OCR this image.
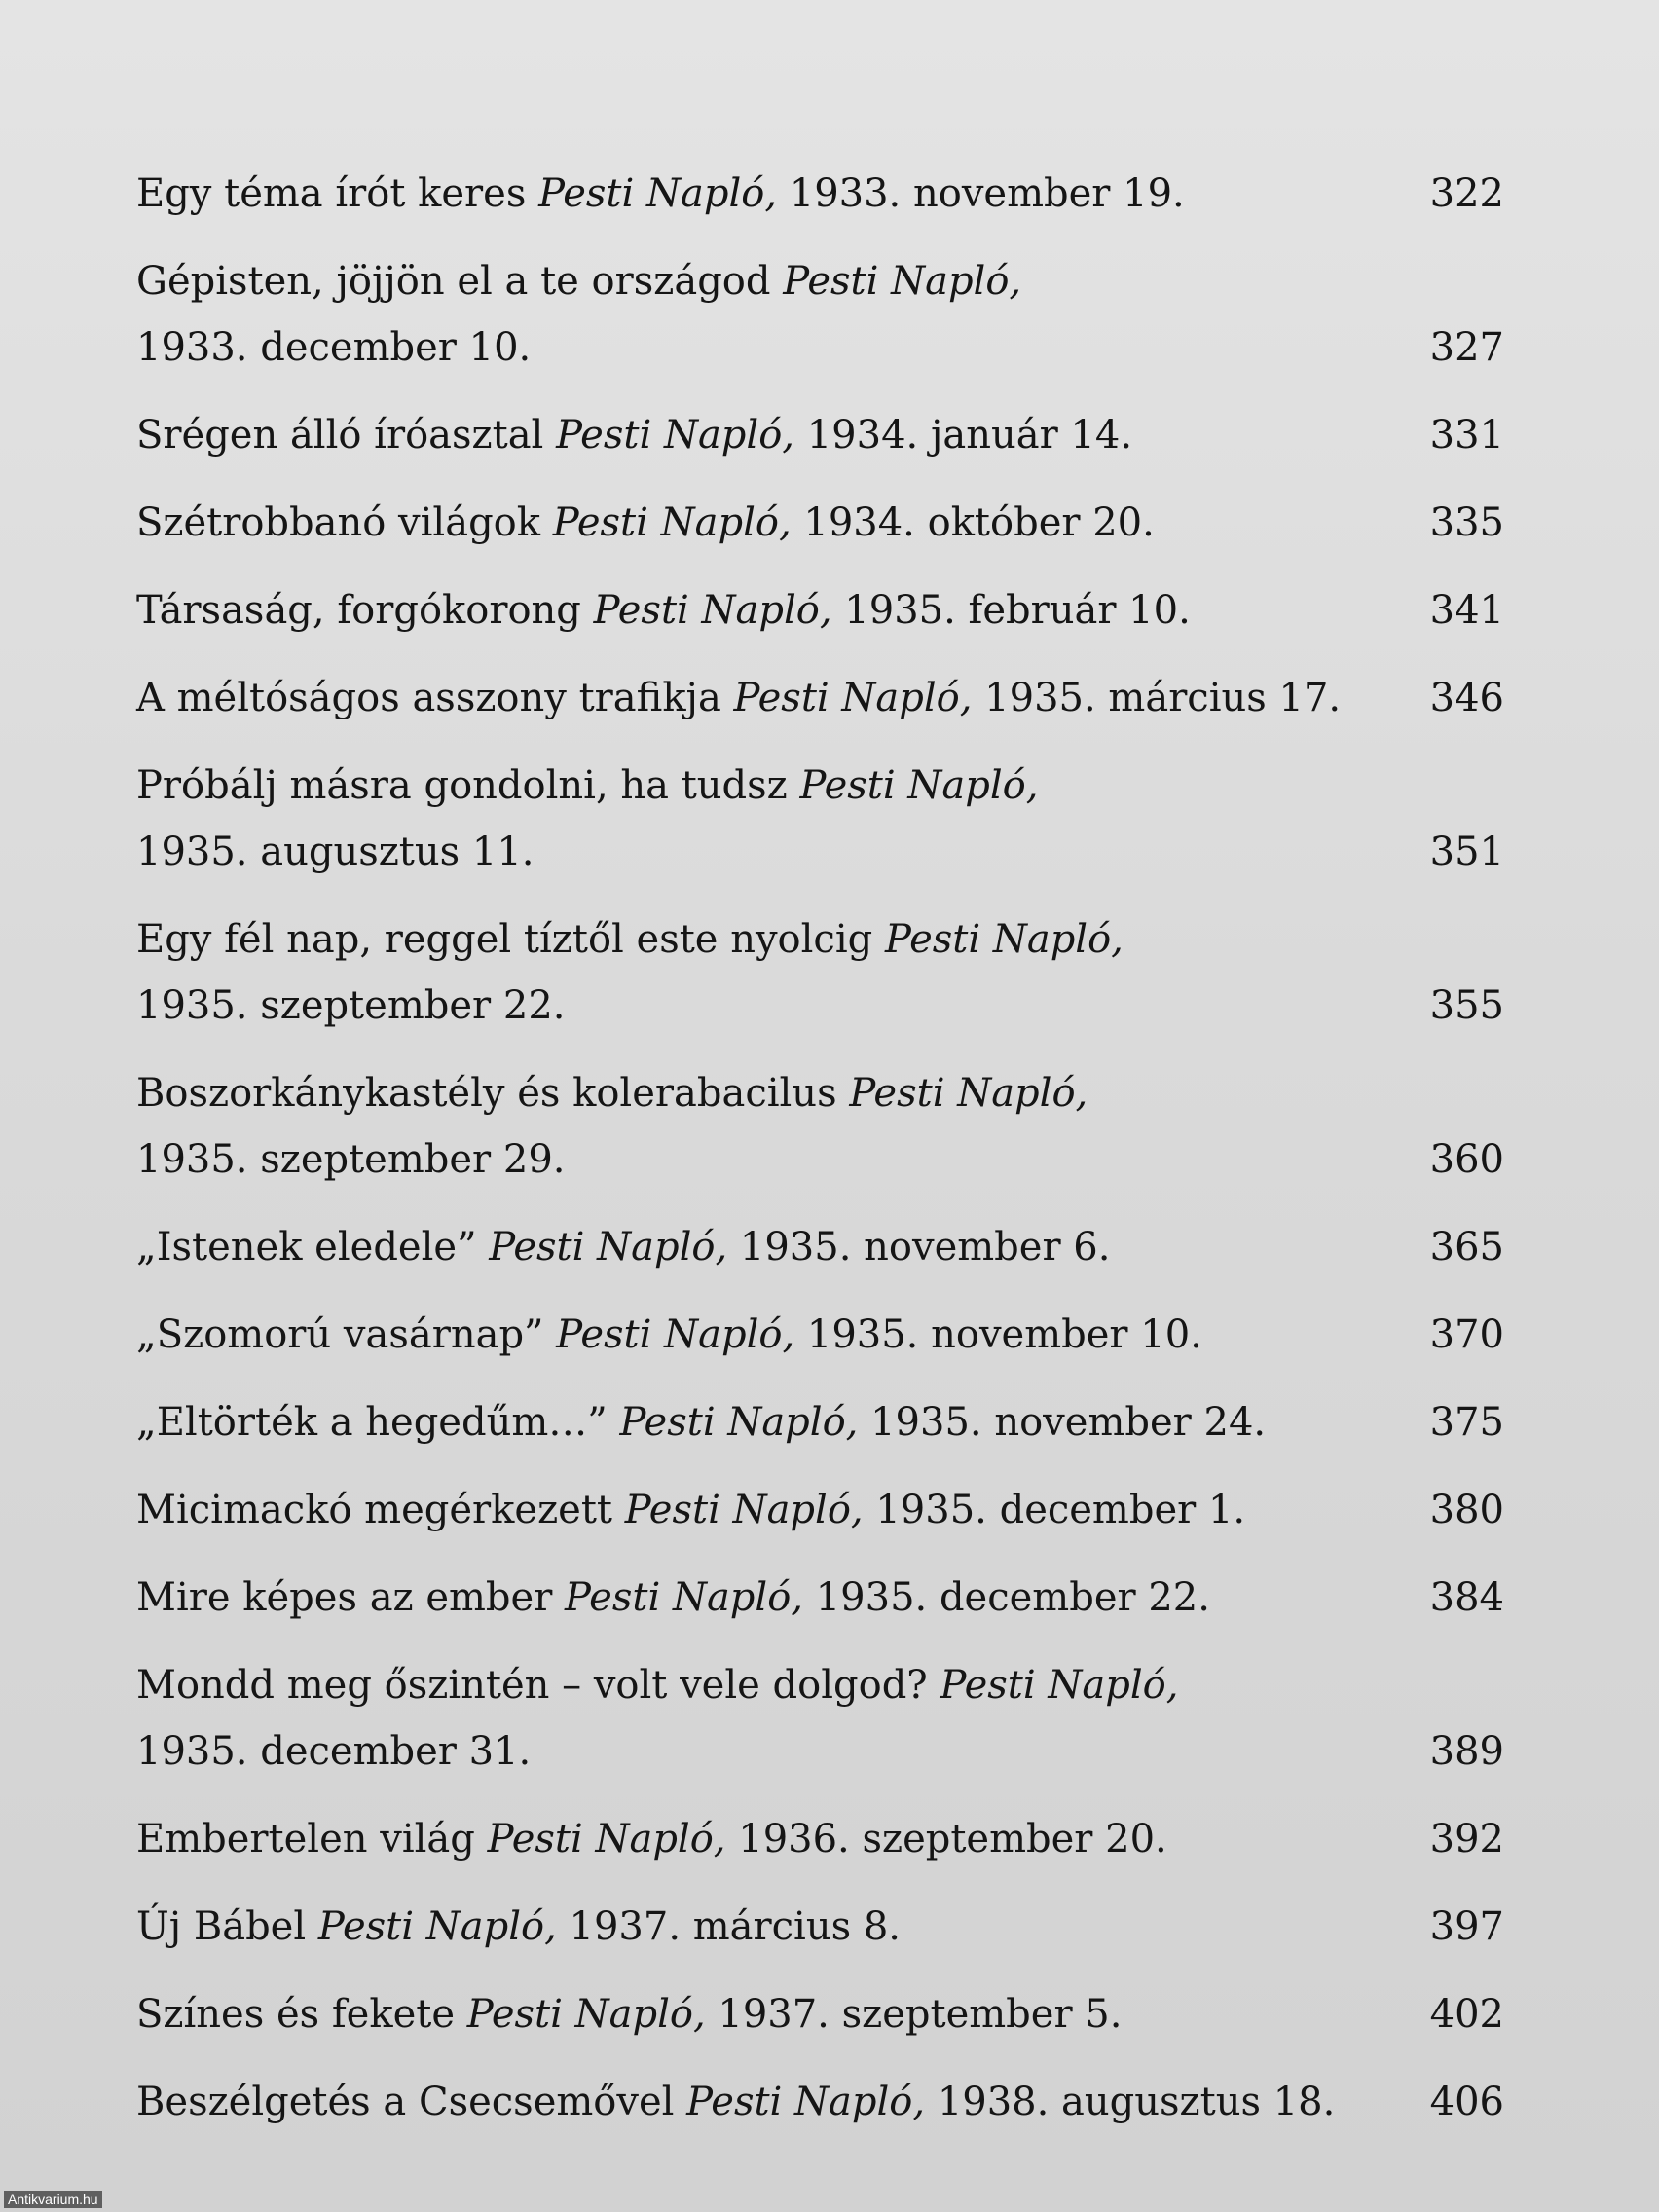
Egy téma írót keres Pesti Napló, 1933. november 19. . . .	322
Gépisten, jöjjön el a te országod Pesti Napló,
1933. december 10. . . .	327
Srégen álló íróasztal Pesti Napló, 1934. január 14. . . .	331
Szétrobbanó világok Pesti Napló, 1934. október 20. . . .	335
Társaság, forgókorong Pesti Napló, 1935. február 10. . . .	341
A méltóságos asszony trafikja Pesti Napló, 1935. március 17. . . .	346
Próbálj másra gondolni, ha tudsz Pesti Napló,
1935. augusztus 11. . . .	351
Egy fél nap, reggel tíztől este nyolcig Pesti Napló,
1935. szeptember 22. . . .	355
Boszorkánykastély és kolerabacilus Pesti Napló,
1935. szeptember 29. . . .	360
„Istenek eledele” Pesti Napló, 1935. november 6. . . .	365
„Szomorú vasárnap” Pesti Napló, 1935. november 10. . . .	370
„Eltörték a hegedűm…” Pesti Napló, 1935. november 24. . . .	375
Micimackó megérkezett Pesti Napló, 1935. december 1. . . .	380
Mire képes az ember Pesti Napló, 1935. december 22. . . .	384
Mondd meg őszintén – volt vele dolgod? Pesti Napló,
1935. december 31. . . .	389
Embertelen világ Pesti Napló, 1936. szeptember 20. . . .	392
Új Bábel Pesti Napló, 1937. március 8. . . .	397
Színes és fekete Pesti Napló, 1937. szeptember 5. . . .	402
Beszélgetés a Csecsemővel Pesti Napló, 1938. augusztus 18. . . .	406
Antikvarium.hu
